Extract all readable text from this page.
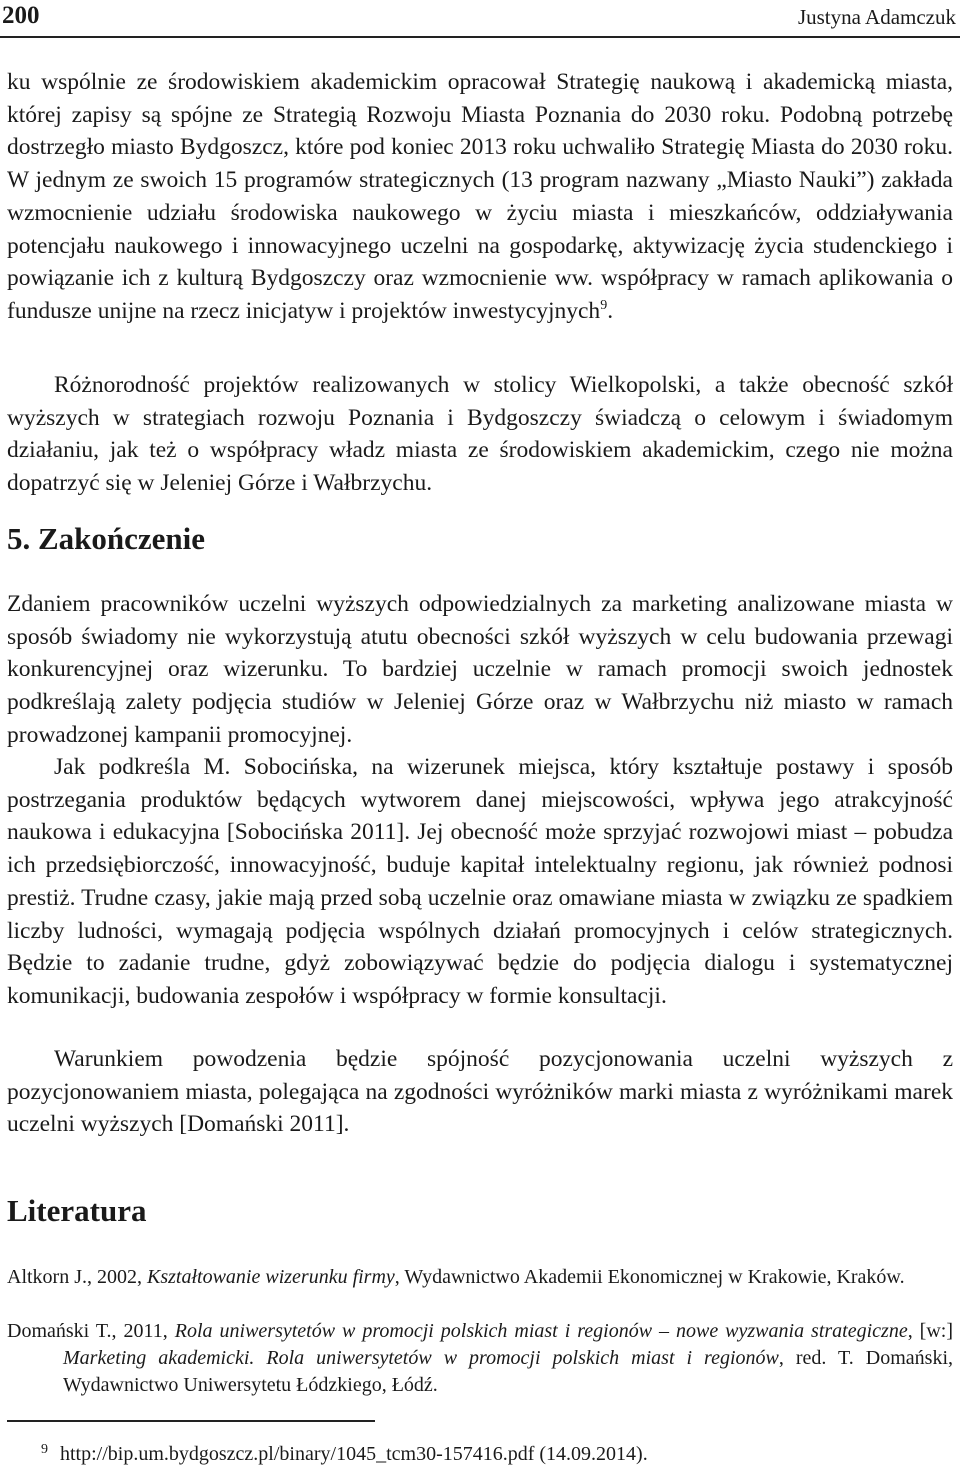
200	Justyna Adamczuk

ku wspólnie ze środowiskiem akademickim opracował Strategię naukową i akademicką miasta, której zapisy są spójne ze Strategią Rozwoju Miasta Poznania do 2030 roku. Podobną potrzebę dostrzegło miasto Bydgoszcz, które pod koniec 2013 roku uchwaliło Strategię Miasta do 2030 roku. W jednym ze swoich 15 programów strategicznych (13 program nazwany „Miasto Nauki”) zakłada wzmocnienie udziału środowiska naukowego w życiu miasta i mieszkańców, oddziaływania potencjału naukowego i innowacyjnego uczelni na gospodarkę, aktywizację życia studenckiego i powiązanie ich z kulturą Bydgoszczy oraz wzmocnienie ww. współpracy w ramach aplikowania o fundusze unijne na rzecz inicjatyw i projektów inwestycyjnych$^9$.

Różnorodność projektów realizowanych w stolicy Wielkopolski, a także obecność szkół wyższych w strategiach rozwoju Poznania i Bydgoszczy świadczą o celowym i świadomym działaniu, jak też o współpracy władz miasta ze środowiskiem akademickim, czego nie można dopatrzyć się w Jeleniej Górze i Wałbrzychu.

5. Zakończenie

Zdaniem pracowników uczelni wyższych odpowiedzialnych za marketing analizowane miasta w sposób świadomy nie wykorzystują atutu obecności szkół wyższych w celu budowania przewagi konkurencyjnej oraz wizerunku. To bardziej uczelnie w ramach promocji swoich jednostek podkreślają zalety podjęcia studiów w Jeleniej Górze oraz w Wałbrzychu niż miasto w ramach prowadzonej kampanii promocyjnej.

Jak podkreśla M. Sobocińska, na wizerunek miejsca, który kształtuje postawy i sposób postrzegania produktów będących wytworem danej miejscowości, wpływa jego atrakcyjność naukowa i edukacyjna [Sobocińska 2011]. Jej obecność może sprzyjać rozwojowi miast – pobudza ich przedsiębiorczość, innowacyjność, buduje kapitał intelektualny regionu, jak również podnosi prestiż. Trudne czasy, jakie mają przed sobą uczelnie oraz omawiane miasta w związku ze spadkiem liczby ludności, wymagają podjęcia wspólnych działań promocyjnych i celów strategicznych. Będzie to zadanie trudne, gdyż zobowiązywać będzie do podjęcia dialogu i systematycznej komunikacji, budowania zespołów i współpracy w formie konsultacji.

Warunkiem powodzenia będzie spójność pozycjonowania uczelni wyższych z pozycjonowaniem miasta, polegająca na zgodności wyróżników marki miasta z wyróżnikami marek uczelni wyższych [Domański 2011].

Literatura

Altkorn J., 2002, Kształtowanie wizerunku firmy, Wydawnictwo Akademii Ekonomicznej w Krakowie, Kraków.

Domański T., 2011, Rola uniwersytetów w promocji polskich miast i regionów – nowe wyzwania strategiczne, [w:] Marketing akademicki. Rola uniwersytetów w promocji polskich miast i regionów, red. T. Domański, Wydawnictwo Uniwersytetu Łódzkiego, Łódź.

$^9$ http://bip.um.bydgoszcz.pl/binary/1045_tcm30-157416.pdf (14.09.2014).
